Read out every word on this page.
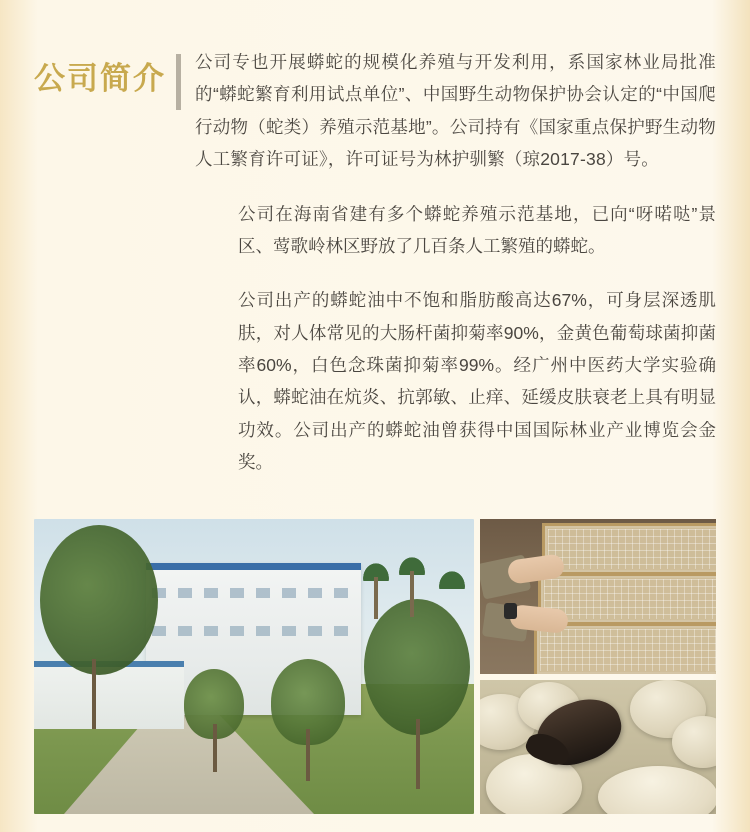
公司简介 公司专也开展蟒蛇的规模化养殖与开发利用，系国家林业局批准的“蟒蛇繁育利用试点单位”、中国野生动物保护协会认定的“中国爬行动物（蛇类）养殖示范基地”。公司持有《国家重点保护野生动物人工繁育许可证》，许可证号为林护驯繁（琼2017-38）号。

公司在海南省建有多个蟒蛇养殖示范基地，已向“呀喏哒”景区、莺歌岭林区野放了几百条人工繁殖的蟒蛇。

公司出产的蟒蛇油中不饱和脂肪酸高达67%，可身层深透肌肤，对人体常见的大肠杆菌抑菊率90%，金黄色葡萄球菌抑菌率60%，白色念珠菌抑菊率99%。经广州中医药大学实验确认，蟒蛇油在炕炎、抗郭敏、止痒、延缓皮肤衰老上具有明显功效。公司出产的蟒蛇油曾获得中国国际林业产业博览会金奖。
